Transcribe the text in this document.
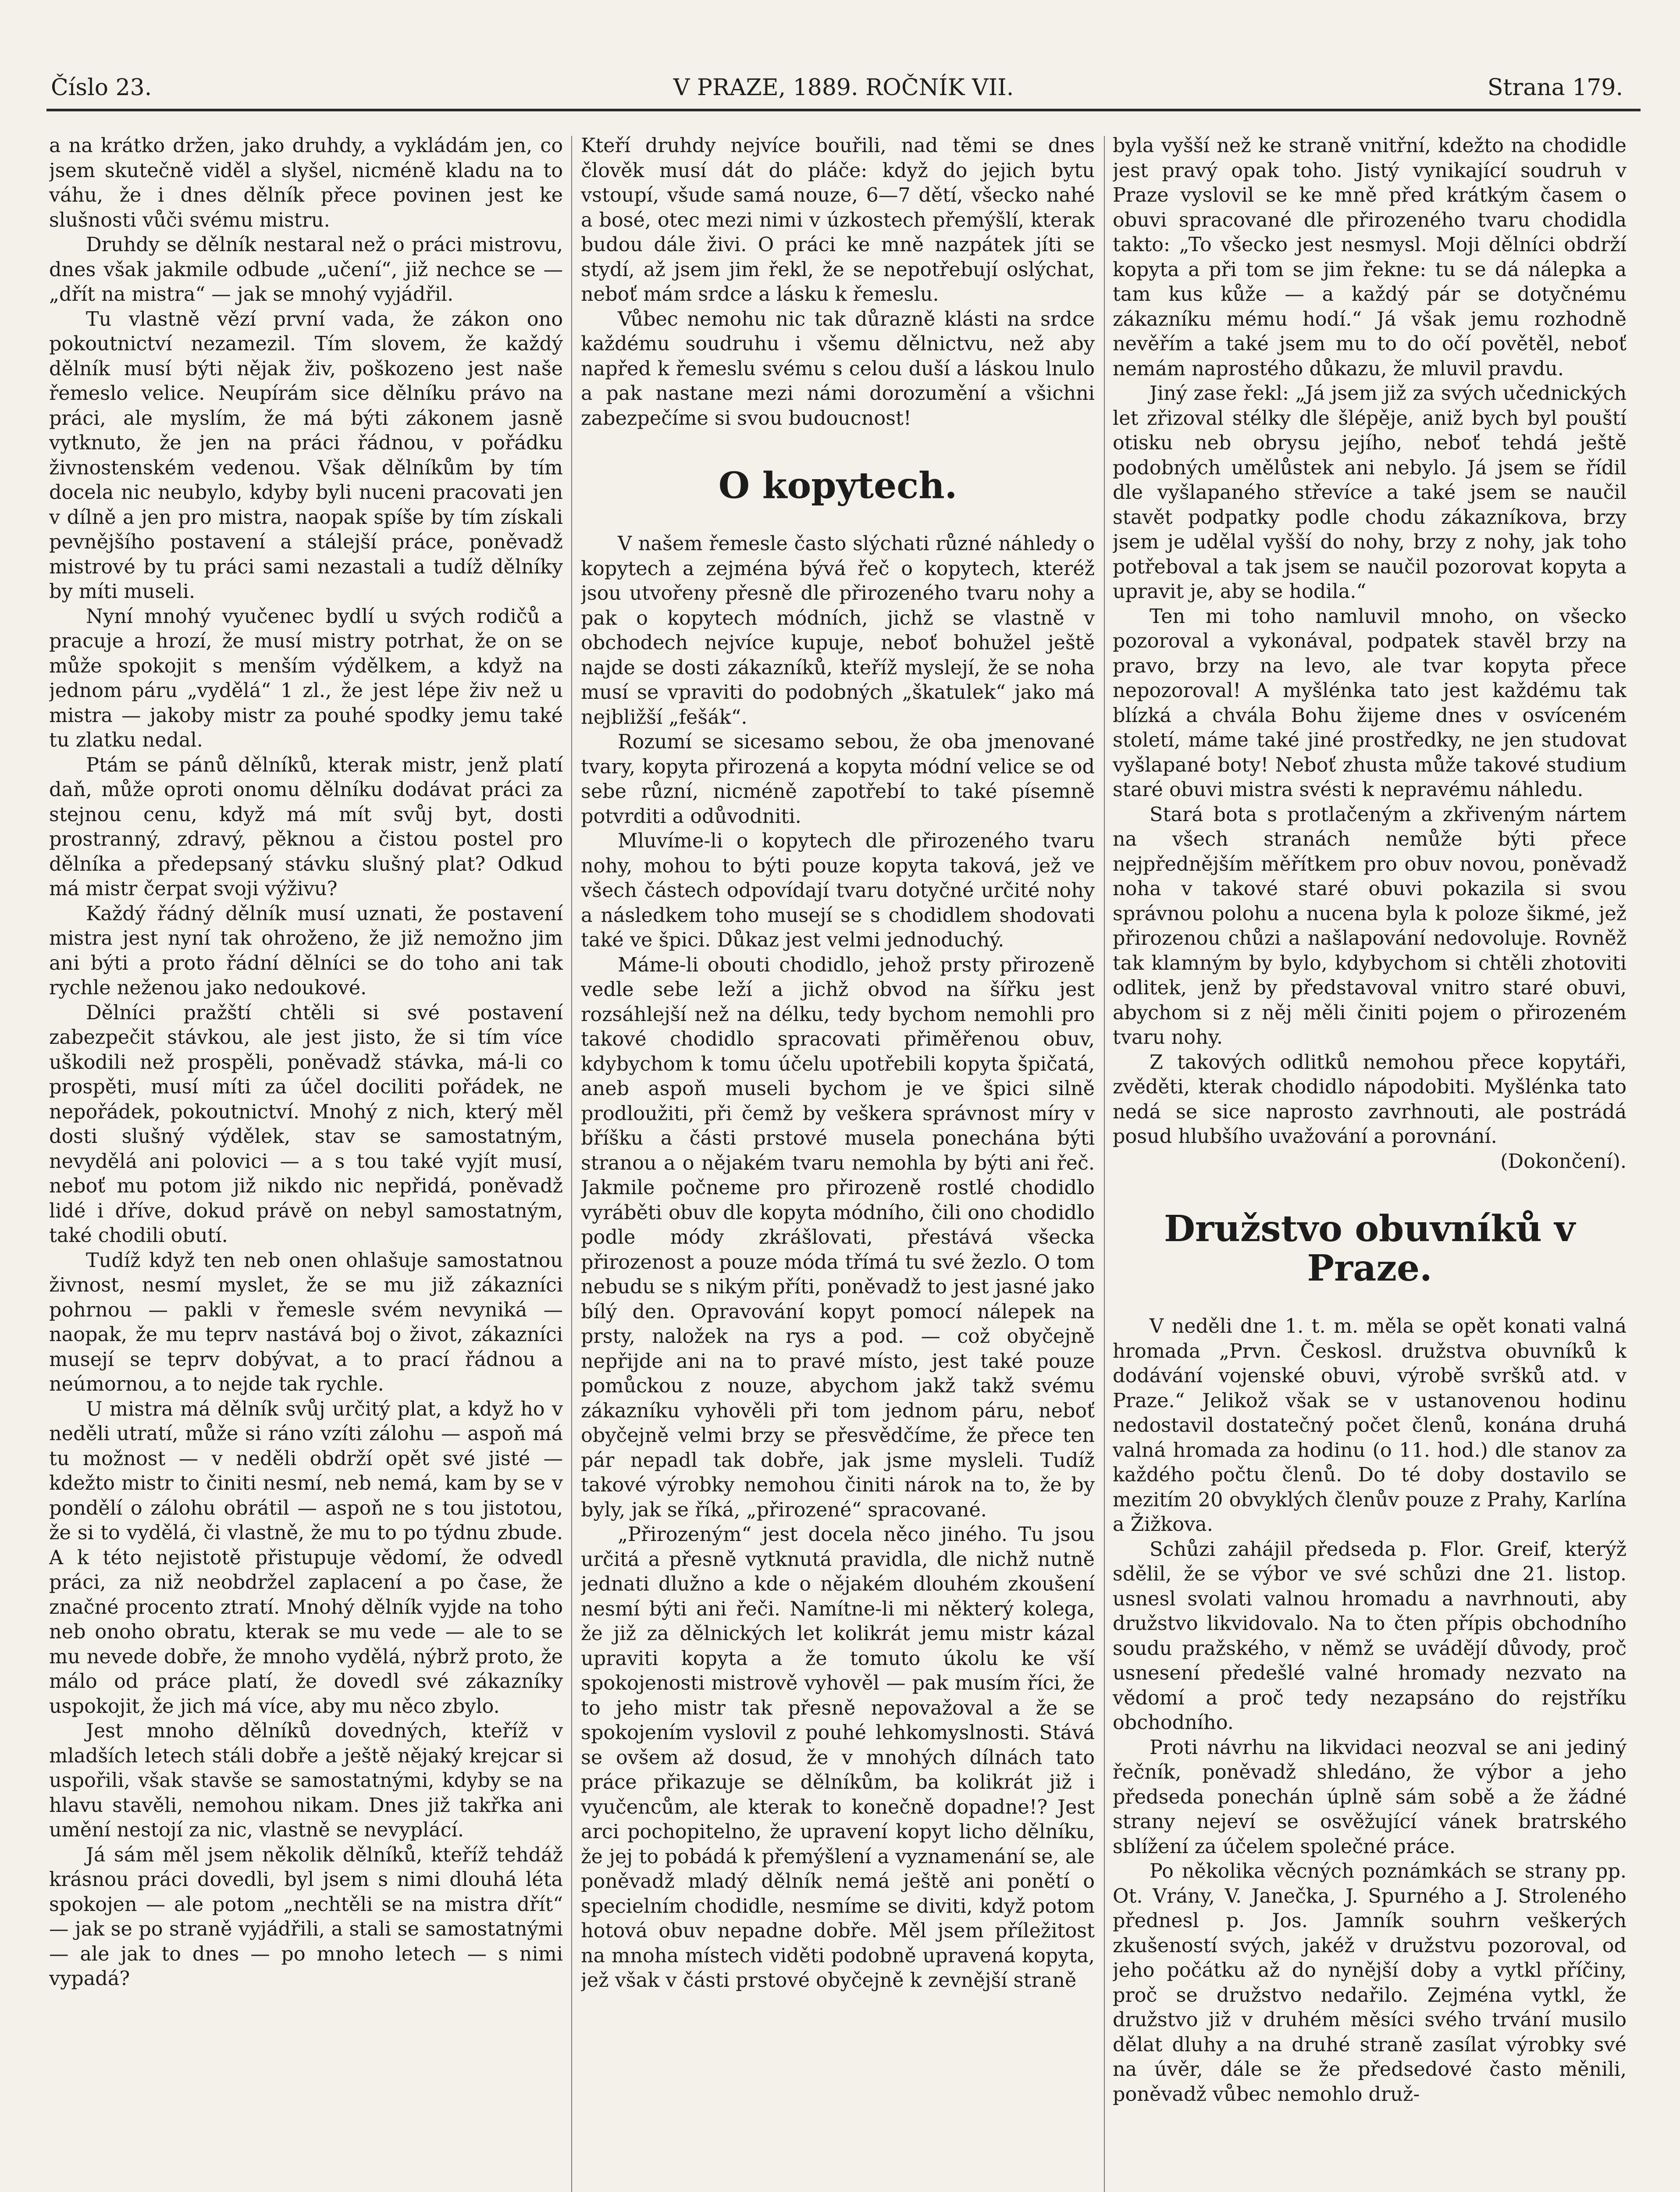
Číslo 23.	V PRAZE, 1889. ROČNÍK VII.	Strana 179.

a na krátko držen, jako druhdy, a vykládám jen, co jsem skutečně viděl a slyšel, nicméně kladu na to váhu, že i dnes dělník přece povinen jest ke slušnosti vůči svému mistru.

Druhdy se dělník nestaral než o práci mistrovu, dnes však jakmile odbude „učení“, již nechce se — „dřít na mistra“ — jak se mnohý vyjádřil.

Tu vlastně vězí první vada, že zákon ono pokoutnictví nezamezil. Tím slovem, že každý dělník musí býti nějak živ, poškozeno jest naše řemeslo velice. Neupírám sice dělníku právo na práci, ale myslím, že má býti zákonem jasně vytknuto, že jen na práci řádnou, v pořádku živnostenském vedenou. Však dělníkům by tím docela nic neubylo, kdyby byli nuceni pracovati jen v dílně a jen pro mistra, naopak spíše by tím získali pevnějšího postavení a stálejší práce, poněvadž mistrové by tu práci sami nezastali a tudíž dělníky by míti museli.

Nyní mnohý vyučenec bydlí u svých rodičů a pracuje a hrozí, že musí mistry potrhat, že on se může spokojit s menším výdělkem, a když na jednom páru „vydělá“ 1 zl., že jest lépe živ než u mistra — jakoby mistr za pouhé spodky jemu také tu zlatku nedal.

Ptám se pánů dělníků, kterak mistr, jenž platí daň, může oproti onomu dělníku dodávat práci za stejnou cenu, když má mít svůj byt, dosti prostranný, zdravý, pěknou a čistou postel pro dělníka a předepsaný stávku slušný plat? Odkud má mistr čerpat svoji výživu?

Každý řádný dělník musí uznati, že postavení mistra jest nyní tak ohroženo, že již nemožno jim ani býti a proto řádní dělníci se do toho ani tak rychle neženou jako nedoukové.

Dělníci pražští chtěli si své postavení zabezpečit stávkou, ale jest jisto, že si tím více uškodili než prospěli, poněvadž stávka, má-li co prospěti, musí míti za účel dociliti pořádek, ne nepořádek, pokoutnictví. Mnohý z nich, který měl dosti slušný výdělek, stav se samostatným, nevydělá ani polovici — a s tou také vyjít musí, neboť mu potom již nikdo nic nepřidá, poněvadž lidé i dříve, dokud právě on nebyl samostatným, také chodili obutí.

Tudíž když ten neb onen ohlašuje samostatnou živnost, nesmí myslet, že se mu již zákazníci pohrnou — pakli v řemesle svém nevyniká — naopak, že mu teprv nastává boj o život, zákazníci musejí se teprv dobývat, a to prací řádnou a neúmornou, a to nejde tak rychle.

U mistra má dělník svůj určitý plat, a když ho v neděli utratí, může si ráno vzíti zálohu — aspoň má tu možnost — v neděli obdrží opět své jisté — kdežto mistr to činiti nesmí, neb nemá, kam by se v pondělí o zálohu obrátil — aspoň ne s tou jistotou, že si to vydělá, či vlastně, že mu to po týdnu zbude. A k této nejistotě přistupuje vědomí, že odvedl práci, za niž neobdržel zaplacení a po čase, že značné procento ztratí. Mnohý dělník vyjde na toho neb onoho obratu, kterak se mu vede — ale to se mu nevede dobře, že mnoho vydělá, nýbrž proto, že málo od práce platí, že dovedl své zákazníky uspokojit, že jich má více, aby mu něco zbylo.

Jest mnoho dělníků dovedných, kteříž v mladších letech stáli dobře a ještě nějaký krejcar si uspořili, však stavše se samostatnými, kdyby se na hlavu stavěli, nemohou nikam. Dnes již takřka ani umění nestojí za nic, vlastně se nevyplácí.

Já sám měl jsem několik dělníků, kteříž tehdáž krásnou práci dovedli, byl jsem s nimi dlouhá léta spokojen — ale potom „nechtěli se na mistra dřít“ — jak se po straně vyjádřili, a stali se samostatnými — ale jak to dnes — po mnoho letech — s nimi vypadá?

Kteří druhdy nejvíce bouřili, nad těmi se dnes člověk musí dát do pláče: když do jejich bytu vstoupí, všude samá nouze, 6—7 dětí, všecko nahé a bosé, otec mezi nimi v úzkostech přemýšlí, kterak budou dále živi. O práci ke mně nazpátek jíti se stydí, až jsem jim řekl, že se nepotřebují oslýchat, neboť mám srdce a lásku k řemeslu.

Vůbec nemohu nic tak důrazně klásti na srdce každému soudruhu i všemu dělnictvu, než aby napřed k řemeslu svému s celou duší a láskou lnulo a pak nastane mezi námi dorozumění a všichni zabezpečíme si svou budoucnost!

O kopytech.

V našem řemesle často slýchati různé náhledy o kopytech a zejména bývá řeč o kopytech, kteréž jsou utvořeny přesně dle přirozeného tvaru nohy a pak o kopytech módních, jichž se vlastně v obchodech nejvíce kupuje, neboť bohužel ještě najde se dosti zákazníků, kteříž myslejí, že se noha musí se vpraviti do podobných „škatulek“ jako má nejbližší „fešák“.

Rozumí se sicesamo sebou, že oba jmenované tvary, kopyta přirozená a kopyta módní velice se od sebe různí, nicméně zapotřebí to také písemně potvrditi a odůvodniti.

Mluvíme-li o kopytech dle přirozeného tvaru nohy, mohou to býti pouze kopyta taková, jež ve všech částech odpovídají tvaru dotyčné určité nohy a následkem toho musejí se s chodidlem shodovati také ve špici. Důkaz jest velmi jednoduchý.

Máme-li obouti chodidlo, jehož prsty přirozeně vedle sebe leží a jichž obvod na šířku jest rozsáhlejší než na délku, tedy bychom nemohli pro takové chodidlo spracovati přiměřenou obuv, kdybychom k tomu účelu upotřebili kopyta špičatá, aneb aspoň museli bychom je ve špici silně prodloužiti, při čemž by veškera správnost míry v bříšku a části prstové musela ponechána býti stranou a o nějakém tvaru nemohla by býti ani řeč. Jakmile počneme pro přirozeně rostlé chodidlo vyráběti obuv dle kopyta módního, čili ono chodidlo podle módy zkrášlovati, přestává všecka přirozenost a pouze móda třímá tu své žezlo. O tom nebudu se s nikým příti, poněvadž to jest jasné jako bílý den. Opravování kopyt pomocí nálepek na prsty, naložek na rys a pod. — což obyčejně nepřijde ani na to pravé místo, jest také pouze pomůckou z nouze, abychom jakž takž svému zákazníku vyhověli při tom jednom páru, neboť obyčejně velmi brzy se přesvědčíme, že přece ten pár nepadl tak dobře, jak jsme mysleli. Tudíž takové výrobky nemohou činiti nárok na to, že by byly, jak se říká, „přirozené“ spracované.

„Přirozeným“ jest docela něco jiného. Tu jsou určitá a přesně vytknutá pravidla, dle nichž nutně jednati dlužno a kde o nějakém dlouhém zkoušení nesmí býti ani řeči. Namítne-li mi některý kolega, že již za dělnických let kolikrát jemu mistr kázal upraviti kopyta a že tomuto úkolu ke vší spokojenosti mistrově vyhověl — pak musím říci, že to jeho mistr tak přesně nepovažoval a že se spokojením vyslovil z pouhé lehkomyslnosti. Stává se ovšem až dosud, že v mnohých dílnách tato práce přikazuje se dělníkům, ba kolikrát již i vyučencům, ale kterak to konečně dopadne!? Jest arci pochopitelno, že upravení kopyt licho dělníku, že jej to pobádá k přemýšlení a vyznamenání se, ale poněvadž mladý dělník nemá ještě ani ponětí o specielním chodidle, nesmíme se diviti, když potom hotová obuv nepadne dobře. Měl jsem příležitost na mnoha místech viděti podobně upravená kopyta, jež však v části prstové obyčejně k zevnější straně

byla vyšší než ke straně vnitřní, kdežto na chodidle jest pravý opak toho. Jistý vynikající soudruh v Praze vyslovil se ke mně před krátkým časem o obuvi spracované dle přirozeného tvaru chodidla takto: „To všecko jest nesmysl. Moji dělníci obdrží kopyta a při tom se jim řekne: tu se dá nálepka a tam kus kůže — a každý pár se dotyčnému zákazníku mému hodí.“ Já však jemu rozhodně nevěřím a také jsem mu to do očí povětěl, neboť nemám naprostého důkazu, že mluvil pravdu.

Jiný zase řekl: „Já jsem již za svých učednických let zřizoval stélky dle šlépěje, aniž bych byl pouští otisku neb obrysu jejího, neboť tehdá ještě podobných umělůstek ani nebylo. Já jsem se řídil dle vyšlapaného střevíce a také jsem se naučil stavět podpatky podle chodu zákazníkova, brzy jsem je udělal vyšší do nohy, brzy z nohy, jak toho potřeboval a tak jsem se naučil pozorovat kopyta a upravit je, aby se hodila.“

Ten mi toho namluvil mnoho, on všecko pozoroval a vykonával, podpatek stavěl brzy na pravo, brzy na levo, ale tvar kopyta přece nepozoroval! A myšlénka tato jest každému tak blízká a chvála Bohu žijeme dnes v osvíceném století, máme také jiné prostředky, ne jen studovat vyšlapané boty! Neboť zhusta může takové studium staré obuvi mistra svésti k nepravému náhledu.

Stará bota s protlačeným a zkřiveným nártem na všech stranách nemůže býti přece nejpřednějším měřítkem pro obuv novou, poněvadž noha v takové staré obuvi pokazila si svou správnou polohu a nucena byla k poloze šikmé, jež přirozenou chůzi a našlapování nedovoluje. Rovněž tak klamným by bylo, kdybychom si chtěli zhotoviti odlitek, jenž by představoval vnitro staré obuvi, abychom si z něj měli činiti pojem o přirozeném tvaru nohy.

Z takových odlitků nemohou přece kopytáři, zvěděti, kterak chodidlo nápodobiti. Myšlénka tato nedá se sice naprosto zavrhnouti, ale postrádá posud hlubšího uvažování a porovnání.

(Dokončení).
Družstvo obuvníků v Praze.

V neděli dne 1. t. m. měla se opět konati valná hromada „Prvn. Českosl. družstva obuvníků k dodávání vojenské obuvi, výrobě svršků atd. v Praze.“ Jelikož však se v ustanovenou hodinu nedostavil dostatečný počet členů, konána druhá valná hromada za hodinu (o 11. hod.) dle stanov za každého počtu členů. Do té doby dostavilo se mezitím 20 obvyklých členův pouze z Prahy, Karlína a Žižkova.

Schůzi zahájil předseda p. Flor. Greif, kterýž sdělil, že se výbor ve své schůzi dne 21. listop. usnesl svolati valnou hromadu a navrhnouti, aby družstvo likvidovalo. Na to čten přípis obchodního soudu pražského, v němž se uvádějí důvody, proč usnesení předešlé valné hromady nezvato na vědomí a proč tedy nezapsáno do rejstříku obchodního.

Proti návrhu na likvidaci neozval se ani jediný řečník, poněvadž shledáno, že výbor a jeho předseda ponechán úplně sám sobě a že žádné strany nejeví se osvěžující vánek bratrského sblížení za účelem společné práce.

Po několika věcných poznámkách se strany pp. Ot. Vrány, V. Janečka, J. Spurného a J. Stroleného přednesl p. Jos. Jamník souhrn veškerých zkušeností svých, jakéž v družstvu pozoroval, od jeho počátku až do nynější doby a vytkl příčiny, proč se družstvo nedařilo. Zejména vytkl, že družstvo již v druhém měsíci svého trvání musilo dělat dluhy a na druhé straně zasílat výrobky své na úvěr, dále se že předsedové často měnili, poněvadž vůbec nemohlo druž-
